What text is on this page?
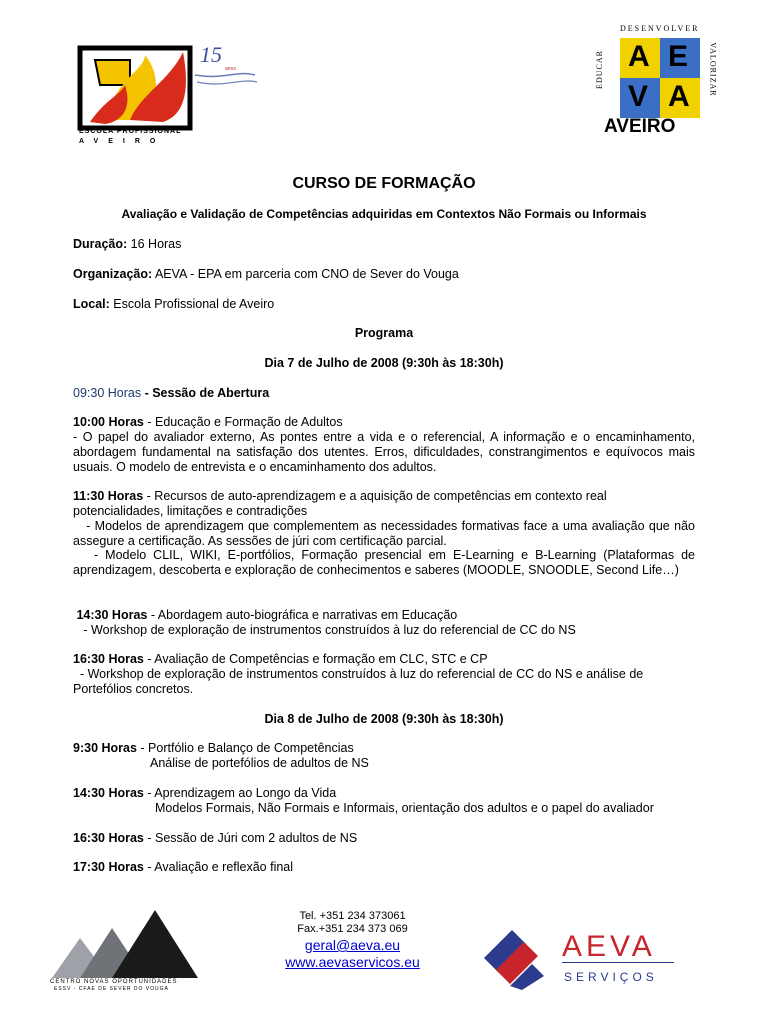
15
anos
ESCOLA PROFISSIONAL
AVEIRO
A E
V A
DESENVOLVER
EDUCAR	VALORIZAR
AVEIRO
CURSO DE FORMAÇÃO
Avaliação e Validação de Competências adquiridas em Contextos Não Formais ou Informais
Duração: 16 Horas
Organização: AEVA - EPA em parceria com CNO de Sever do Vouga
Local: Escola Profissional de Aveiro
Programa
Dia 7 de Julho de 2008 (9:30h às 18:30h)
09:30 Horas - Sessão de Abertura
10:00 Horas - Educação e Formação de Adultos
- O papel do avaliador externo, As pontes entre a vida e o referencial, A informação e o encaminhamento, abordagem fundamental na satisfação dos utentes. Erros, dificuldades, constrangimentos e equívocos mais usuais. O modelo de entrevista e o encaminhamento dos adultos.
11:30 Horas - Recursos de auto-aprendizagem e a aquisição de competências em contexto real potencialidades, limitações e contradições
- Modelos de aprendizagem que complementem as necessidades formativas face a uma avaliação que não assegure a certificação. As sessões de júri com certificação parcial.
- Modelo CLIL, WIKI, E-portfólios, Formação presencial em E-Learning e B-Learning (Plataformas de aprendizagem, descoberta e exploração de conhecimentos e saberes (MOODLE, SNOODLE, Second Life…)
14:30 Horas - Abordagem auto-biográfica e narrativas em Educação
- Workshop de exploração de instrumentos construídos à luz do referencial de CC do NS
16:30 Horas - Avaliação de Competências e formação em CLC, STC e CP
- Workshop de exploração de instrumentos construídos à luz do referencial de CC do NS e análise de Portefólios concretos.
Dia 8 de Julho de 2008 (9:30h às 18:30h)
9:30 Horas - Portfólio e Balanço de Competências
Análise de portefólios de adultos de NS
14:30 Horas - Aprendizagem ao Longo da Vida
Modelos Formais, Não Formais e Informais, orientação dos adultos e o papel do avaliador
16:30 Horas - Sessão de Júri com 2 adultos de NS
17:30 Horas - Avaliação e reflexão final
CENTRO NOVAS OPORTUNIDADES
ESSV - CFAE DE SEVER DO VOUGA
Tel. +351 234 373061
Fax.+351 234 373 069
geral@aeva.eu
www.aevaservicos.eu	AEVA
SERVIÇOS
